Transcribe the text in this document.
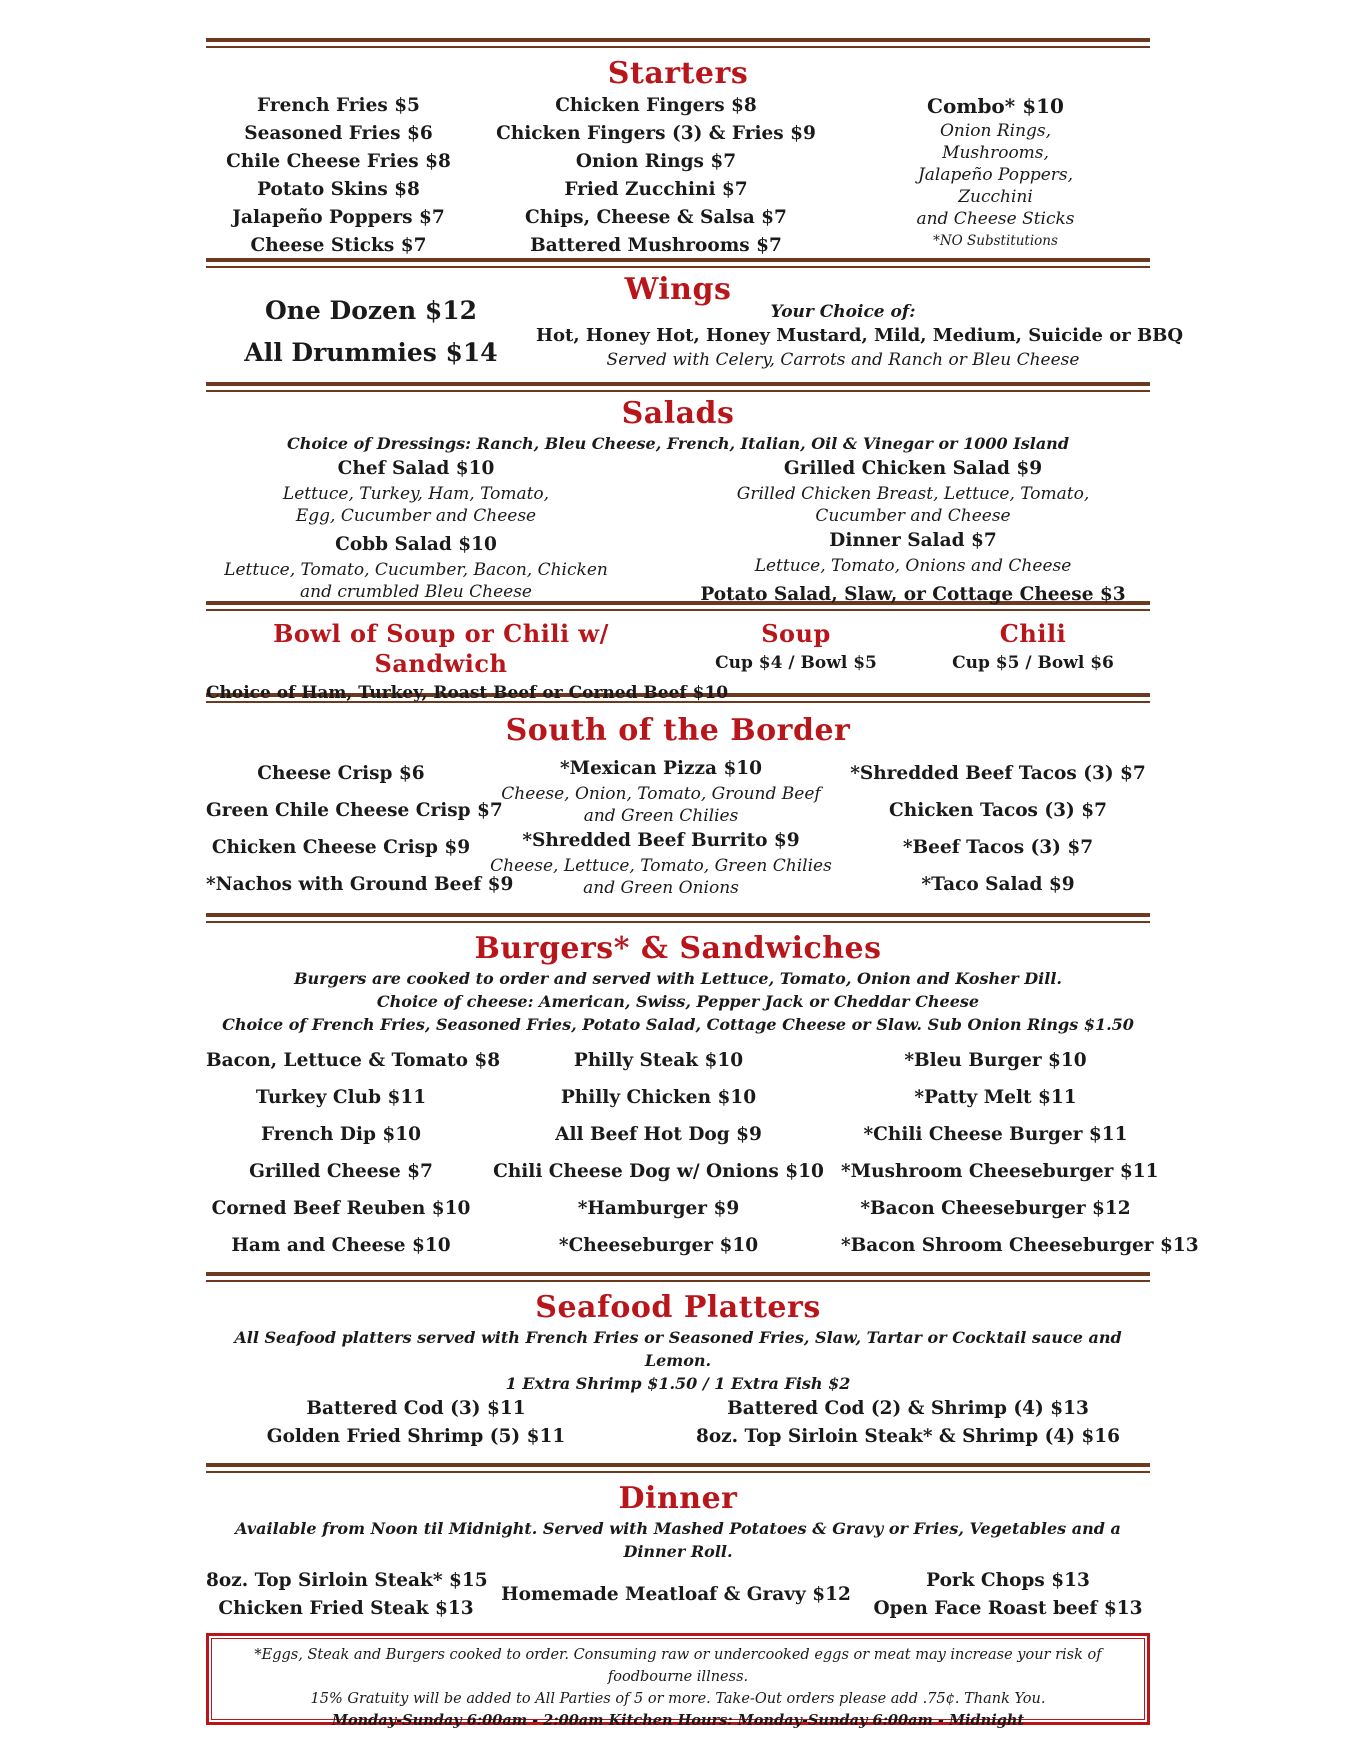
Starters
French Fries $5
Seasoned Fries $6
Chile Cheese Fries $8
Potato Skins $8
Jalapeño Poppers $7
Cheese Sticks $7
Chicken Fingers $8
Chicken Fingers (3) & Fries $9
Onion Rings $7
Fried Zucchini $7
Chips, Cheese & Salsa $7
Battered Mushrooms $7
Combo* $10
Onion Rings,
Mushrooms,
Jalapeño Poppers,
Zucchini
and Cheese Sticks
*NO Substitutions
Wings
One Dozen $12
All Drummies $14
Your Choice of:
Hot, Honey Hot, Honey Mustard, Mild, Medium, Suicide or BBQ
Served with Celery, Carrots and Ranch or Bleu Cheese
Salads
Choice of Dressings: Ranch, Bleu Cheese, French, Italian, Oil & Vinegar or 1000 Island
Chef Salad $10
Lettuce, Turkey, Ham, Tomato,
Egg, Cucumber and Cheese
Cobb Salad $10
Lettuce, Tomato, Cucumber, Bacon, Chicken
and crumbled Bleu Cheese
Grilled Chicken Salad $9
Grilled Chicken Breast, Lettuce, Tomato,
Cucumber and Cheese
Dinner Salad $7
Lettuce, Tomato, Onions and Cheese
Potato Salad, Slaw, or Cottage Cheese $3
Bowl of Soup or Chili w/ Sandwich
Choice of Ham, Turkey, Roast Beef or Corned Beef $10
Soup
Cup $4 / Bowl $5
Chili
Cup $5 / Bowl $6
South of the Border
Cheese Crisp $6
Green Chile Cheese Crisp $7
Chicken Cheese Crisp $9
*Nachos with Ground Beef $9
*Mexican Pizza $10
Cheese, Onion, Tomato, Ground Beef
and Green Chilies
*Shredded Beef Burrito $9
Cheese, Lettuce, Tomato, Green Chilies
and Green Onions
*Shredded Beef Tacos (3) $7
Chicken Tacos (3) $7
*Beef Tacos (3) $7
*Taco Salad $9
Burgers* & Sandwiches
Burgers are cooked to order and served with Lettuce, Tomato, Onion and Kosher Dill.
Choice of cheese: American, Swiss, Pepper Jack or Cheddar Cheese
Choice of French Fries, Seasoned Fries, Potato Salad, Cottage Cheese or Slaw. Sub Onion Rings $1.50
Bacon, Lettuce & Tomato $8
Turkey Club $11
French Dip $10
Grilled Cheese $7
Corned Beef Reuben $10
Ham and Cheese $10
Philly Steak $10
Philly Chicken $10
All Beef Hot Dog $9
Chili Cheese Dog w/ Onions $10
*Hamburger $9
*Cheeseburger $10
*Bleu Burger $10
*Patty Melt $11
*Chili Cheese Burger $11
*Mushroom Cheeseburger $11
*Bacon Cheeseburger $12
*Bacon Shroom Cheeseburger $13
Seafood Platters
All Seafood platters served with French Fries or Seasoned Fries, Slaw, Tartar or Cocktail sauce and Lemon.
1 Extra Shrimp $1.50 / 1 Extra Fish $2
Battered Cod (3) $11
Golden Fried Shrimp (5) $11
Battered Cod (2) & Shrimp (4) $13
8oz. Top Sirloin Steak* & Shrimp (4) $16
Dinner
Available from Noon til Midnight. Served with Mashed Potatoes & Gravy or Fries, Vegetables and a Dinner Roll.
8oz. Top Sirloin Steak* $15
Chicken Fried Steak $13
Homemade Meatloaf & Gravy $12
Pork Chops $13
Open Face Roast beef $13
*Eggs, Steak and Burgers cooked to order. Consuming raw or undercooked eggs or meat may increase your risk of foodbourne illness.
15% Gratuity will be added to All Parties of 5 or more. Take-Out orders please add .75¢. Thank You.
Monday-Sunday 6:00am - 2:00am Kitchen Hours: Monday-Sunday 6:00am - Midnight
